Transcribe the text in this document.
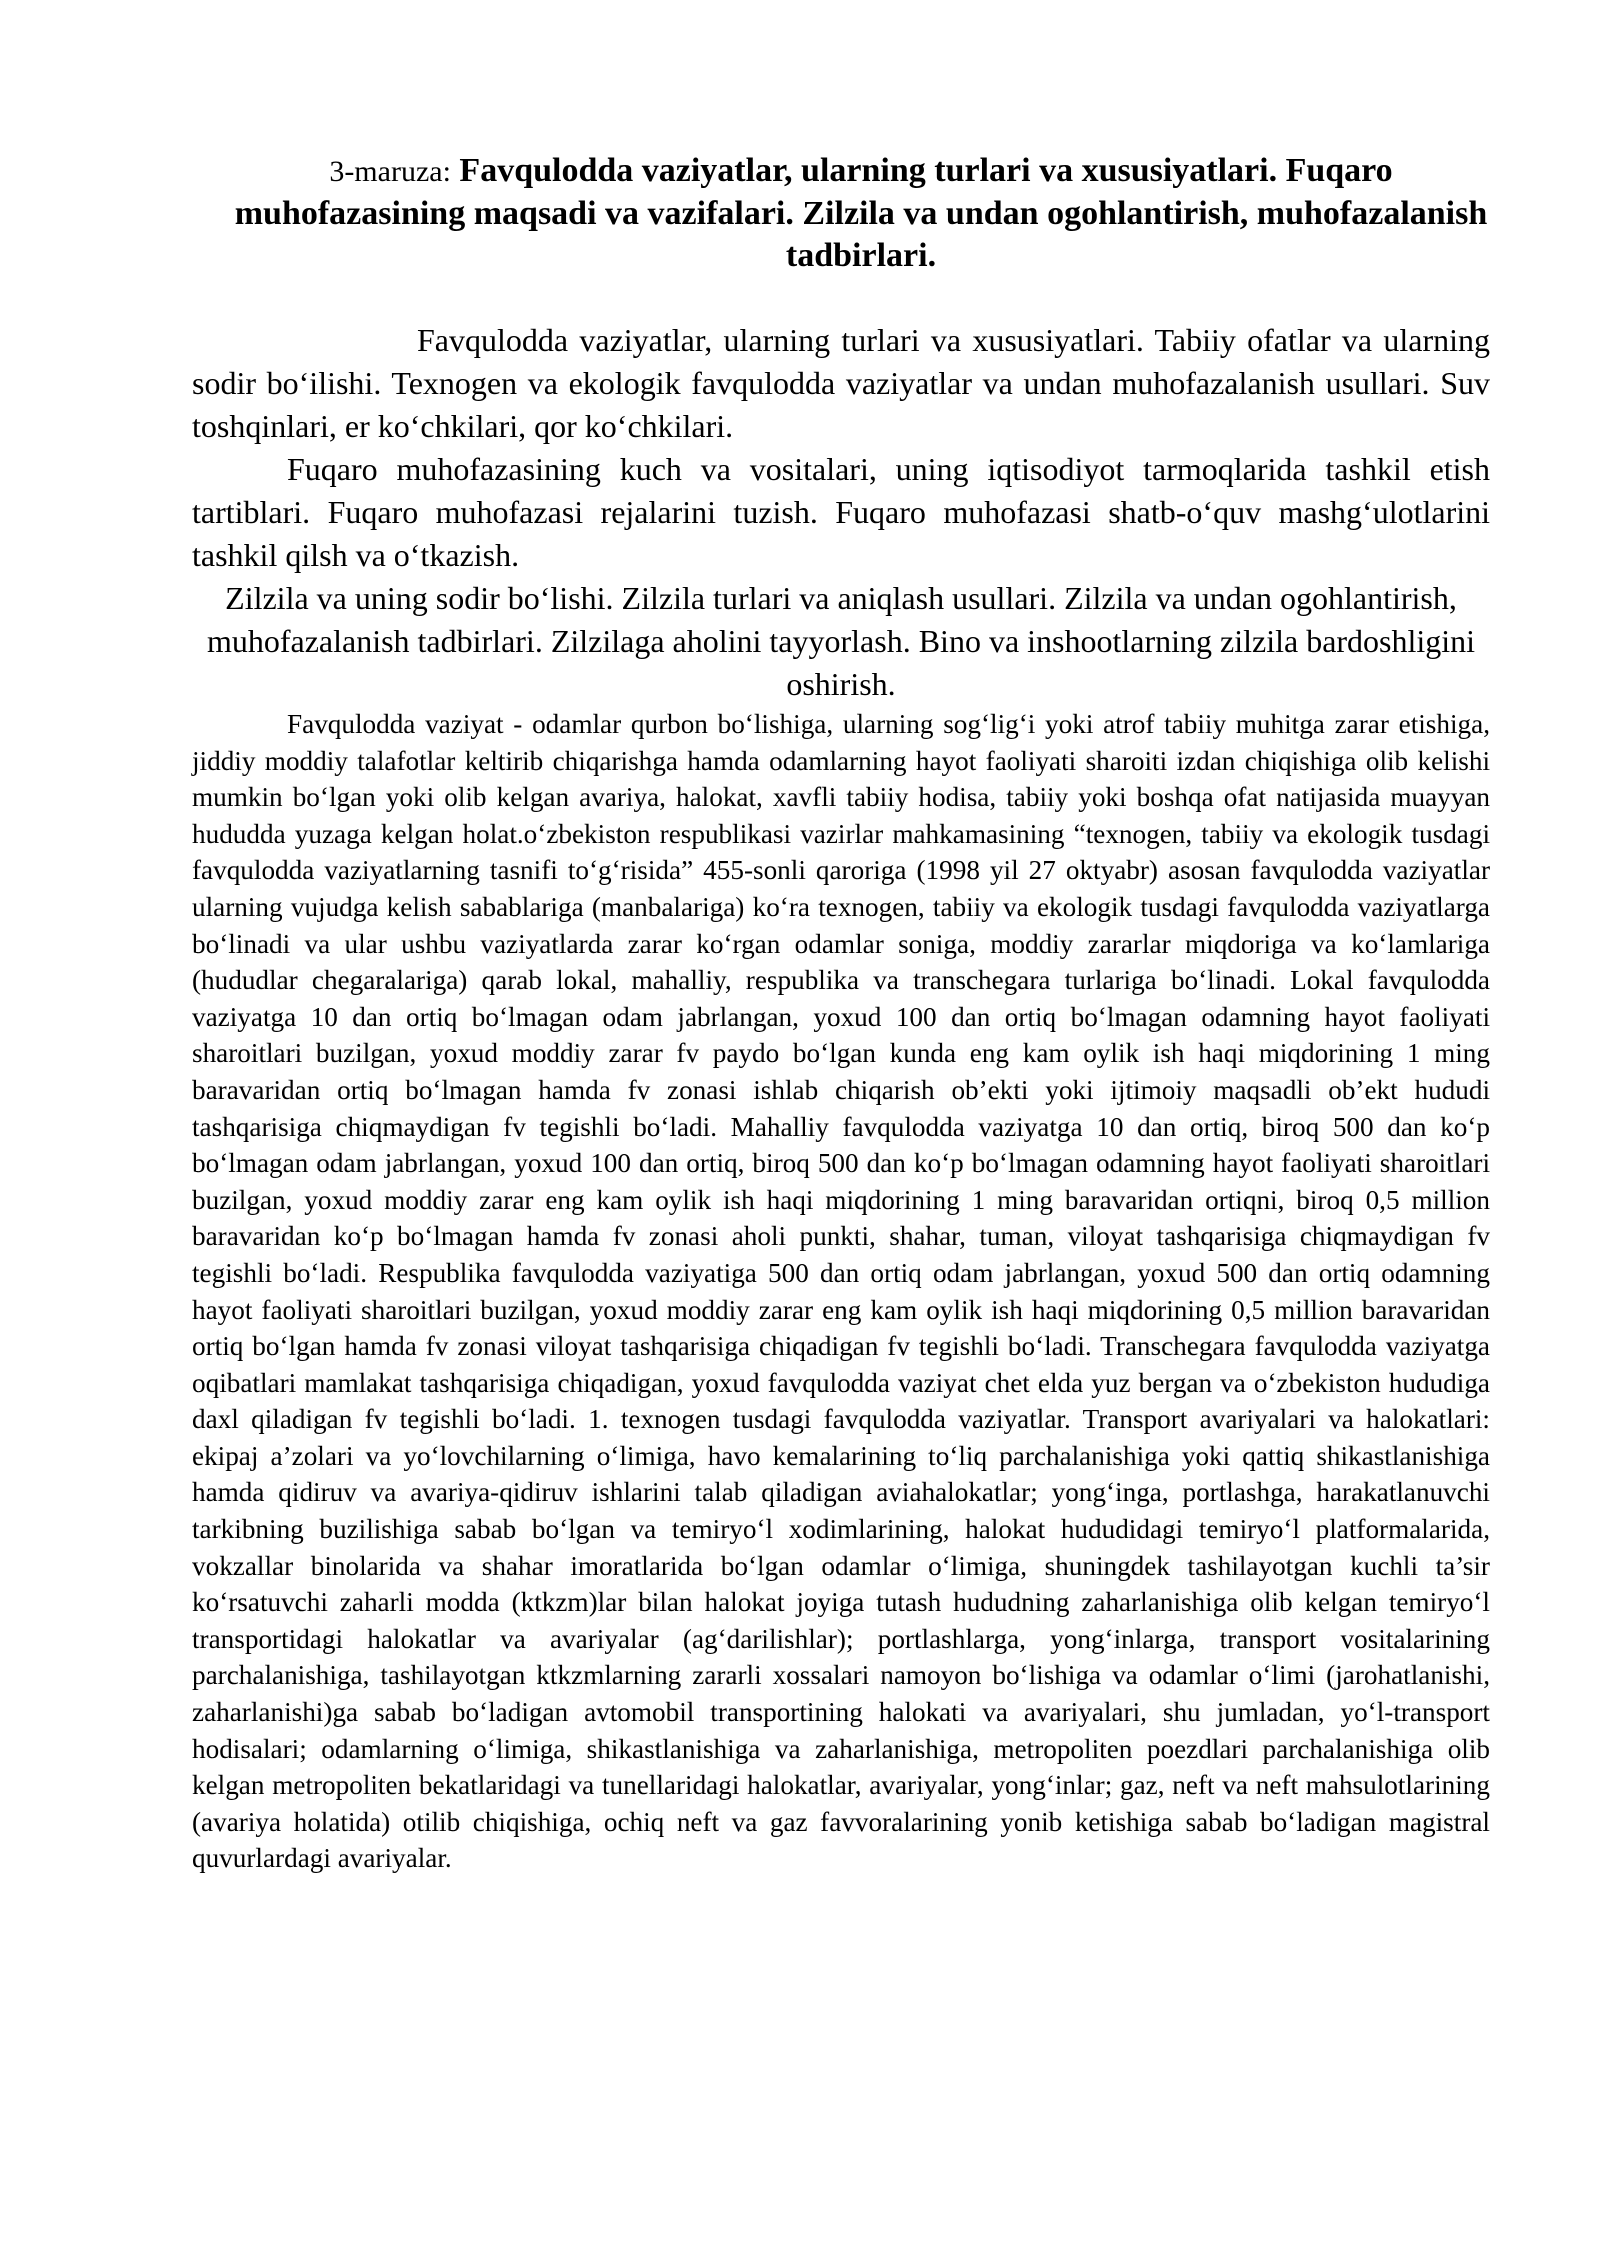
3-maruza: Favqulodda vaziyatlar, ularning turlari va xususiyatlari. Fuqaro muhofazasining maqsadi va vazifalari. Zilzila va undan ogohlantirish, muhofazalanish tadbirlari.

Favqulodda vaziyatlar, ularning turlari va xususiyatlari. Tabiiy ofatlar va ularning sodir bo‘ilishi. Texnogen va ekologik favqulodda vaziyatlar va undan muhofazalanish usullari. Suv toshqinlari, er ko‘chkilari, qor ko‘chkilari.

Fuqaro muhofazasining kuch va vositalari, uning iqtisodiyot tarmoqlarida tashkil etish tartiblari. Fuqaro muhofazasi rejalarini tuzish. Fuqaro muhofazasi shatb-o‘quv mashg‘ulotlarini tashkil qilsh va o‘tkazish.

Zilzila va uning sodir bo‘lishi. Zilzila turlari va aniqlash usullari. Zilzila va undan ogohlantirish, muhofazalanish tadbirlari. Zilzilaga aholini tayyorlash. Bino va inshootlarning zilzila bardoshligini oshirish.

Favqulodda vaziyat - odamlar qurbon bo‘lishiga, ularning sog‘lig‘i yoki atrof tabiiy muhitga zarar etishiga, jiddiy moddiy talafotlar keltirib chiqarishga hamda odamlarning hayot faoliyati sharoiti izdan chiqishiga olib kelishi mumkin bo‘lgan yoki olib kelgan avariya, halokat, xavfli tabiiy hodisa, tabiiy yoki boshqa ofat natijasida muayyan hududda yuzaga kelgan holat.o‘zbekiston respublikasi vazirlar mahkamasining “texnogen, tabiiy va ekologik tusdagi favqulodda vaziyatlarning tasnifi to‘g‘risida” 455-sonli qaroriga (1998 yil 27 oktyabr) asosan favqulodda vaziyatlar ularning vujudga kelish sabablariga (manbalariga) ko‘ra texnogen, tabiiy va ekologik tusdagi favqulodda vaziyatlarga bo‘linadi va ular ushbu vaziyatlarda zarar ko‘rgan odamlar soniga, moddiy zararlar miqdoriga va ko‘lamlariga (hududlar chegaralariga) qarab lokal, mahalliy, respublika va transchegara turlariga bo‘linadi. Lokal favqulodda vaziyatga 10 dan ortiq bo‘lmagan odam jabrlangan, yoxud 100 dan ortiq bo‘lmagan odamning hayot faoliyati sharoitlari buzilgan, yoxud moddiy zarar fv paydo bo‘lgan kunda eng kam oylik ish haqi miqdorining 1 ming baravaridan ortiq bo‘lmagan hamda fv zonasi ishlab chiqarish ob’ekti yoki ijtimoiy maqsadli ob’ekt hududi tashqarisiga chiqmaydigan fv tegishli bo‘ladi. Mahalliy favqulodda vaziyatga 10 dan ortiq, biroq 500 dan ko‘p bo‘lmagan odam jabrlangan, yoxud 100 dan ortiq, biroq 500 dan ko‘p bo‘lmagan odamning hayot faoliyati sharoitlari buzilgan, yoxud moddiy zarar eng kam oylik ish haqi miqdorining 1 ming baravaridan ortiqni, biroq 0,5 million baravaridan ko‘p bo‘lmagan hamda fv zonasi aholi punkti, shahar, tuman, viloyat tashqarisiga chiqmaydigan fv tegishli bo‘ladi. Respublika favqulodda vaziyatiga 500 dan ortiq odam jabrlangan, yoxud 500 dan ortiq odamning hayot faoliyati sharoitlari buzilgan, yoxud moddiy zarar eng kam oylik ish haqi miqdorining 0,5 million baravaridan ortiq bo‘lgan hamda fv zonasi viloyat tashqarisiga chiqadigan fv tegishli bo‘ladi. Transchegara favqulodda vaziyatga oqibatlari mamlakat tashqarisiga chiqadigan, yoxud favqulodda vaziyat chet elda yuz bergan va o‘zbekiston hududiga daxl qiladigan fv tegishli bo‘ladi. 1. texnogen tusdagi favqulodda vaziyatlar. Transport avariyalari va halokatlari: ekipaj a’zolari va yo‘lovchilarning o‘limiga, havo kemalarining to‘liq parchalanishiga yoki qattiq shikastlanishiga hamda qidiruv va avariya-qidiruv ishlarini talab qiladigan aviahalokatlar; yong‘inga, portlashga, harakatlanuvchi tarkibning buzilishiga sabab bo‘lgan va temiryo‘l xodimlarining, halokat hududidagi temiryo‘l platformalarida, vokzallar binolarida va shahar imoratlarida bo‘lgan odamlar o‘limiga, shuningdek tashilayotgan kuchli ta’sir ko‘rsatuvchi zaharli modda (ktkzm)lar bilan halokat joyiga tutash hududning zaharlanishiga olib kelgan temiryo‘l transportidagi halokatlar va avariyalar (ag‘darilishlar); portlashlarga, yong‘inlarga, transport vositalarining parchalanishiga, tashilayotgan ktkzmlarning zararli xossalari namoyon bo‘lishiga va odamlar o‘limi (jarohatlanishi, zaharlanishi)ga sabab bo‘ladigan avtomobil transportining halokati va avariyalari, shu jumladan, yo‘l-transport hodisalari; odamlarning o‘limiga, shikastlanishiga va zaharlanishiga, metropoliten poezdlari parchalanishiga olib kelgan metropoliten bekatlaridagi va tunellaridagi halokatlar, avariyalar, yong‘inlar; gaz, neft va neft mahsulotlarining (avariya holatida) otilib chiqishiga, ochiq neft va gaz favvoralarining yonib ketishiga sabab bo‘ladigan magistral quvurlardagi avariyalar.
